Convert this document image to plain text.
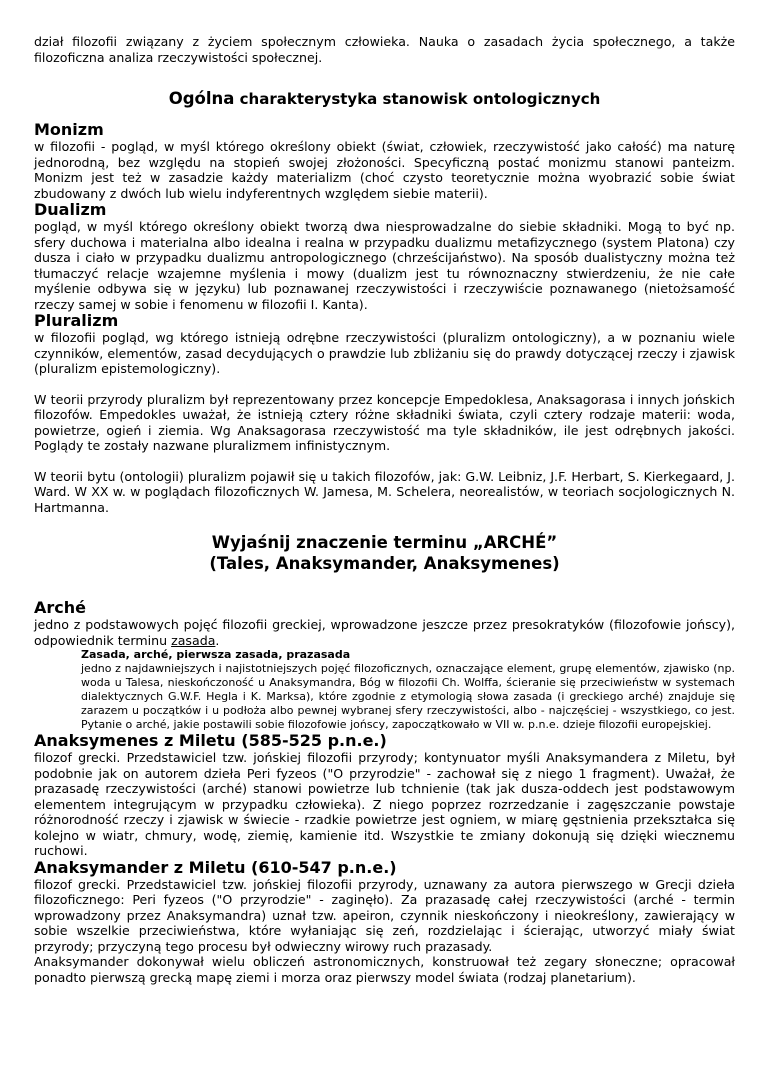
dział filozofii związany z życiem społecznym człowieka. Nauka o zasadach życia społecznego, a także filozoficzna analiza rzeczywistości społecznej.

Ogólna charakterystyka stanowisk ontologicznych
Monizm

w filozofii - pogląd, w myśl którego określony obiekt (świat, człowiek, rzeczywistość jako całość) ma naturę jednorodną, bez względu na stopień swojej złożoności. Specyficzną postać monizmu stanowi panteizm. Monizm jest też w zasadzie każdy materializm (choć czysto teoretycznie można wyobrazić sobie świat zbudowany z dwóch lub wielu indyferentnych względem siebie materii).

Dualizm

pogląd, w myśl którego określony obiekt tworzą dwa niesprowadzalne do siebie składniki. Mogą to być np. sfery duchowa i materialna albo idealna i realna w przypadku dualizmu metafizycznego (system Platona) czy dusza i ciało w przypadku dualizmu antropologicznego (chrześcijaństwo). Na sposób dualistyczny można też tłumaczyć relacje wzajemne myślenia i mowy (dualizm jest tu równoznaczny stwierdzeniu, że nie całe myślenie odbywa się w języku) lub poznawanej rzeczywistości i rzeczywiście poznawanego (nietożsamość rzeczy samej w sobie i fenomenu w filozofii I. Kanta).

Pluralizm

w filozofii pogląd, wg którego istnieją odrębne rzeczywistości (pluralizm ontologiczny), a w poznaniu wiele czynników, elementów, zasad decydujących o prawdzie lub zbliżaniu się do prawdy dotyczącej rzeczy i zjawisk (pluralizm epistemologiczny).

W teorii przyrody pluralizm był reprezentowany przez koncepcje Empedoklesa, Anaksagorasa i innych jońskich filozofów. Empedokles uważał, że istnieją cztery różne składniki świata, czyli cztery rodzaje materii: woda, powietrze, ogień i ziemia. Wg Anaksagorasa rzeczywistość ma tyle składników, ile jest odrębnych jakości. Poglądy te zostały nazwane pluralizmem infinistycznym.

W teorii bytu (ontologii) pluralizm pojawił się u takich filozofów, jak: G.W. Leibniz, J.F. Herbart, S. Kierkegaard, J. Ward. W XX w. w poglądach filozoficznych W. Jamesa, M. Schelera, neorealistów, w teoriach socjologicznych N. Hartmanna.

Wyjaśnij znaczenie terminu „ARCHÉ”
(Tales, Anaksymander, Anaksymenes)
Arché

jedno z podstawowych pojęć filozofii greckiej, wprowadzone jeszcze przez presokratyków (filozofowie jońscy), odpowiednik terminu zasada.

Zasada, arché, pierwsza zasada, prazasada

jedno z najdawniejszych i najistotniejszych pojęć filozoficznych, oznaczające element, grupę elementów, zjawisko (np. woda u Talesa, nieskończoność u Anaksymandra, Bóg w filozofii Ch. Wolffa, ścieranie się przeciwieństw w systemach dialektycznych G.W.F. Hegla i K. Marksa), które zgodnie z etymologią słowa zasada (i greckiego arché) znajduje się zarazem u początków i u podłoża albo pewnej wybranej sfery rzeczywistości, albo - najczęściej - wszystkiego, co jest. Pytanie o arché, jakie postawili sobie filozofowie jońscy, zapoczątkowało w VII w. p.n.e. dzieje filozofii europejskiej.

Anaksymenes z Miletu (585-525 p.n.e.)

filozof grecki. Przedstawiciel tzw. jońskiej filozofii przyrody; kontynuator myśli Anaksymandera z Miletu, był podobnie jak on autorem dzieła Peri fyzeos ("O przyrodzie" - zachował się z niego 1 fragment). Uważał, że prazasadę rzeczywistości (arché) stanowi powietrze lub tchnienie (tak jak dusza-oddech jest podstawowym elementem integrującym w przypadku człowieka). Z niego poprzez rozrzedzanie i zagęszczanie powstaje różnorodność rzeczy i zjawisk w świecie - rzadkie powietrze jest ogniem, w miarę gęstnienia przekształca się kolejno w wiatr, chmury, wodę, ziemię, kamienie itd. Wszystkie te zmiany dokonują się dzięki wiecznemu ruchowi.

Anaksymander z Miletu (610-547 p.n.e.)

filozof grecki. Przedstawiciel tzw. jońskiej filozofii przyrody, uznawany za autora pierwszego w Grecji dzieła filozoficznego: Peri fyzeos ("O przyrodzie" - zaginęło). Za prazasadę całej rzeczywistości (arché - termin wprowadzony przez Anaksymandra) uznał tzw. apeiron, czynnik nieskończony i nieokreślony, zawierający w sobie wszelkie przeciwieństwa, które wyłaniając się zeń, rozdzielając i ścierając, utworzyć miały świat przyrody; przyczyną tego procesu był odwieczny wirowy ruch prazasady.

Anaksymander dokonywał wielu obliczeń astronomicznych, konstruował też zegary słoneczne; opracował ponadto pierwszą grecką mapę ziemi i morza oraz pierwszy model świata (rodzaj planetarium).
